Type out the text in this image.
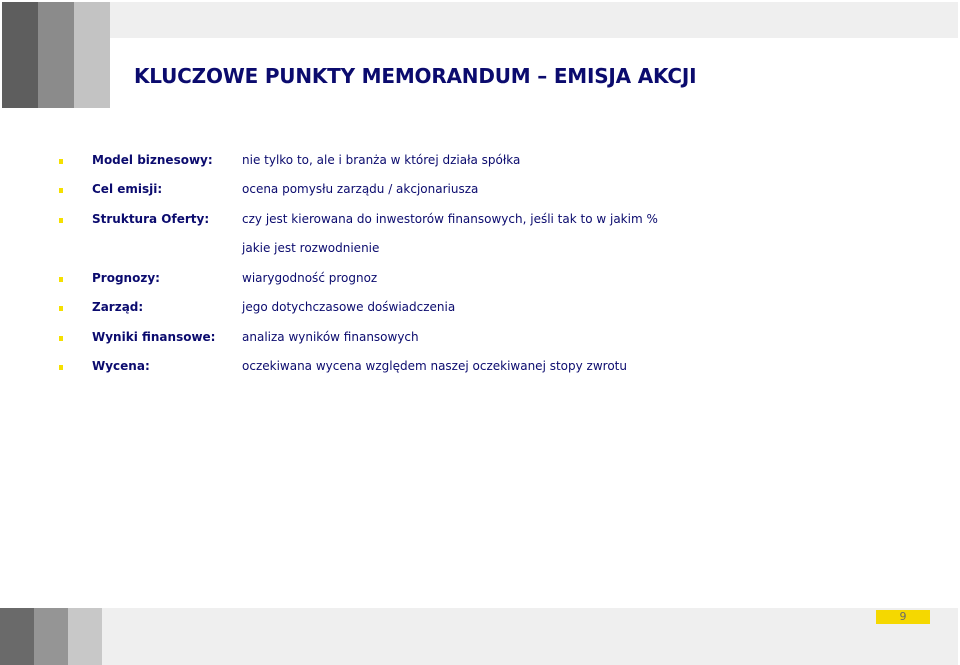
KLUCZOWE PUNKTY MEMORANDUM – EMISJA AKCJI
Model biznesowy: nie tylko to, ale i branża w której działa spółka
Cel emisji:	ocena pomysłu zarządu / akcjonariusza
Struktura Oferty:	czy jest kierowana do inwestorów finansowych, jeśli tak to w jakim %
jakie jest rozwodnienie
Prognozy:	wiarygodność prognoz
Zarząd:	jego dotychczasowe doświadczenia
Wyniki finansowe: analiza wyników finansowych
Wycena:	oczekiwana wycena względem naszej oczekiwanej stopy zwrotu
9
